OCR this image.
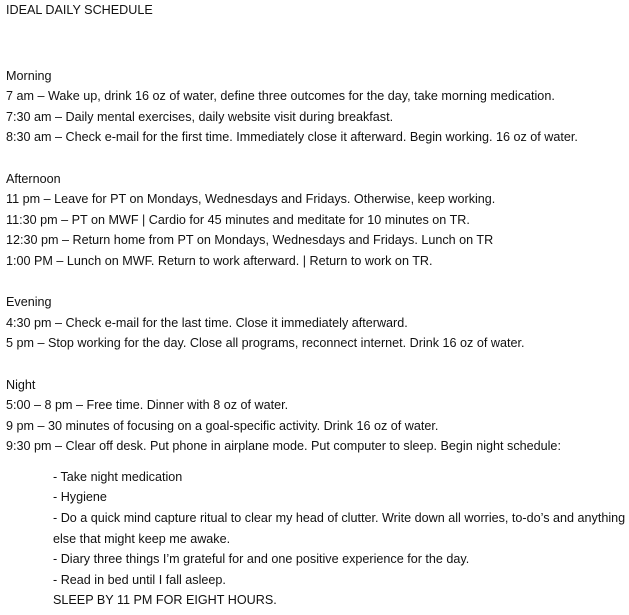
IDEAL DAILY SCHEDULE

Morning

7 am – Wake up, drink 16 oz of water, define three outcomes for the day, take morning medication.

7:30 am – Daily mental exercises, daily website visit during breakfast.

8:30 am – Check e-mail for the first time. Immediately close it afterward. Begin working. 16 oz of water.

Afternoon

11 pm – Leave for PT on Mondays, Wednesdays and Fridays. Otherwise, keep working.

11:30 pm – PT on MWF | Cardio for 45 minutes and meditate for 10 minutes on TR.

12:30 pm – Return home from PT on Mondays, Wednesdays and Fridays. Lunch on TR

1:00 PM – Lunch on MWF. Return to work afterward. | Return to work on TR.

Evening

4:30 pm – Check e-mail for the last time. Close it immediately afterward.

5 pm – Stop working for the day. Close all programs, reconnect internet. Drink 16 oz of water.

Night

5:00 – 8 pm – Free time. Dinner with 8 oz of water.

9 pm – 30 minutes of focusing on a goal-specific activity. Drink 16 oz of water.

9:30 pm – Clear off desk. Put phone in airplane mode. Put computer to sleep. Begin night schedule:

- Take night medication
- Hygiene
- Do a quick mind capture ritual to clear my head of clutter. Write down all worries, to-do’s and anything else that might keep me awake.
- Diary three things I’m grateful for and one positive experience for the day.
- Read in bed until I fall asleep.

SLEEP BY 11 PM FOR EIGHT HOURS.
